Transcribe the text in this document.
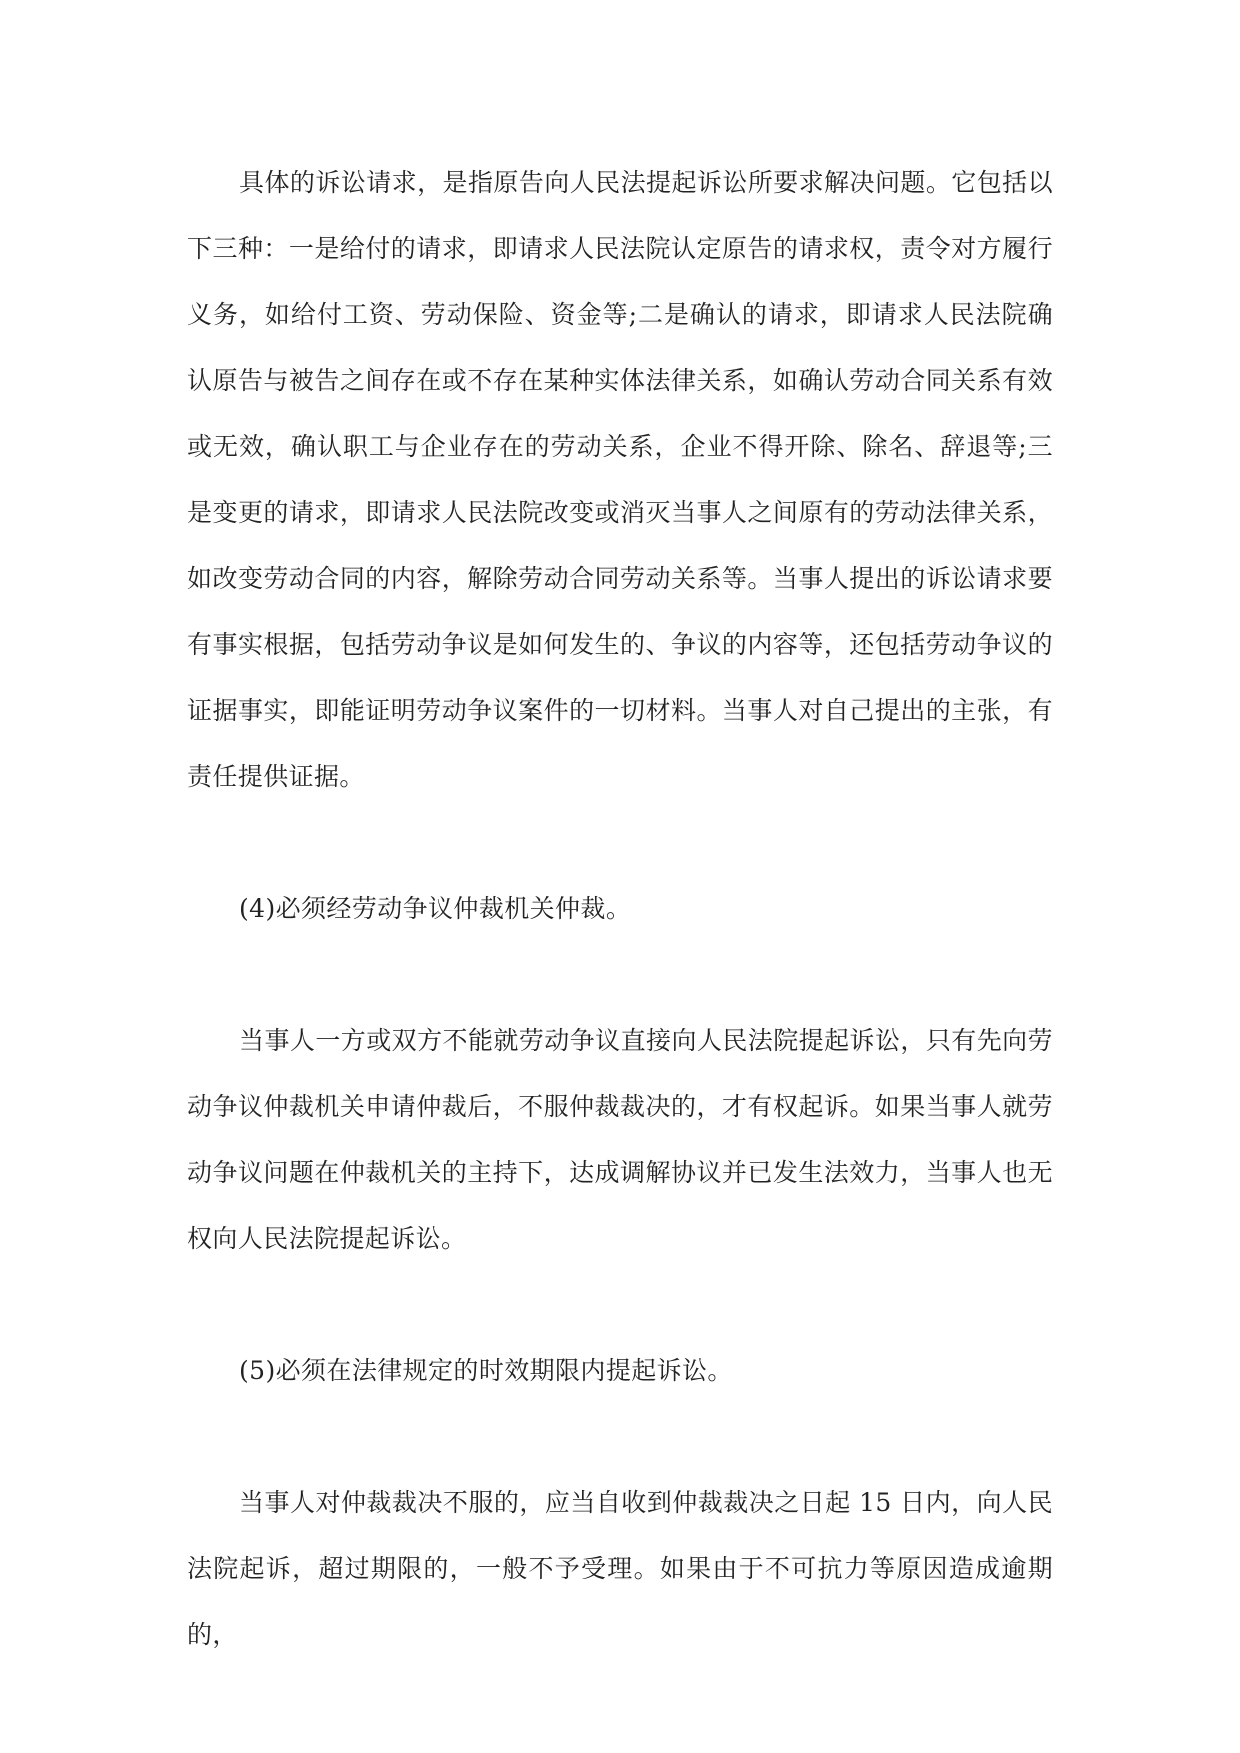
具体的诉讼请求，是指原告向人民法提起诉讼所要求解决问题。它包括以下三种：一是给付的请求，即请求人民法院认定原告的请求权，责令对方履行义务，如给付工资、劳动保险、资金等;二是确认的请求，即请求人民法院确认原告与被告之间存在或不存在某种实体法律关系，如确认劳动合同关系有效或无效，确认职工与企业存在的劳动关系，企业不得开除、除名、辞退等;三是变更的请求，即请求人民法院改变或消灭当事人之间原有的劳动法律关系，如改变劳动合同的内容，解除劳动合同劳动关系等。当事人提出的诉讼请求要有事实根据，包括劳动争议是如何发生的、争议的内容等，还包括劳动争议的证据事实，即能证明劳动争议案件的一切材料。当事人对自己提出的主张，有责任提供证据。

(4)必须经劳动争议仲裁机关仲裁。

当事人一方或双方不能就劳动争议直接向人民法院提起诉讼，只有先向劳动争议仲裁机关申请仲裁后，不服仲裁裁决的，才有权起诉。如果当事人就劳动争议问题在仲裁机关的主持下，达成调解协议并已发生法效力，当事人也无权向人民法院提起诉讼。

(5)必须在法律规定的时效期限内提起诉讼。

当事人对仲裁裁决不服的，应当自收到仲裁裁决之日起 15 日内，向人民法院起诉，超过期限的，一般不予受理。如果由于不可抗力等原因造成逾期的，
